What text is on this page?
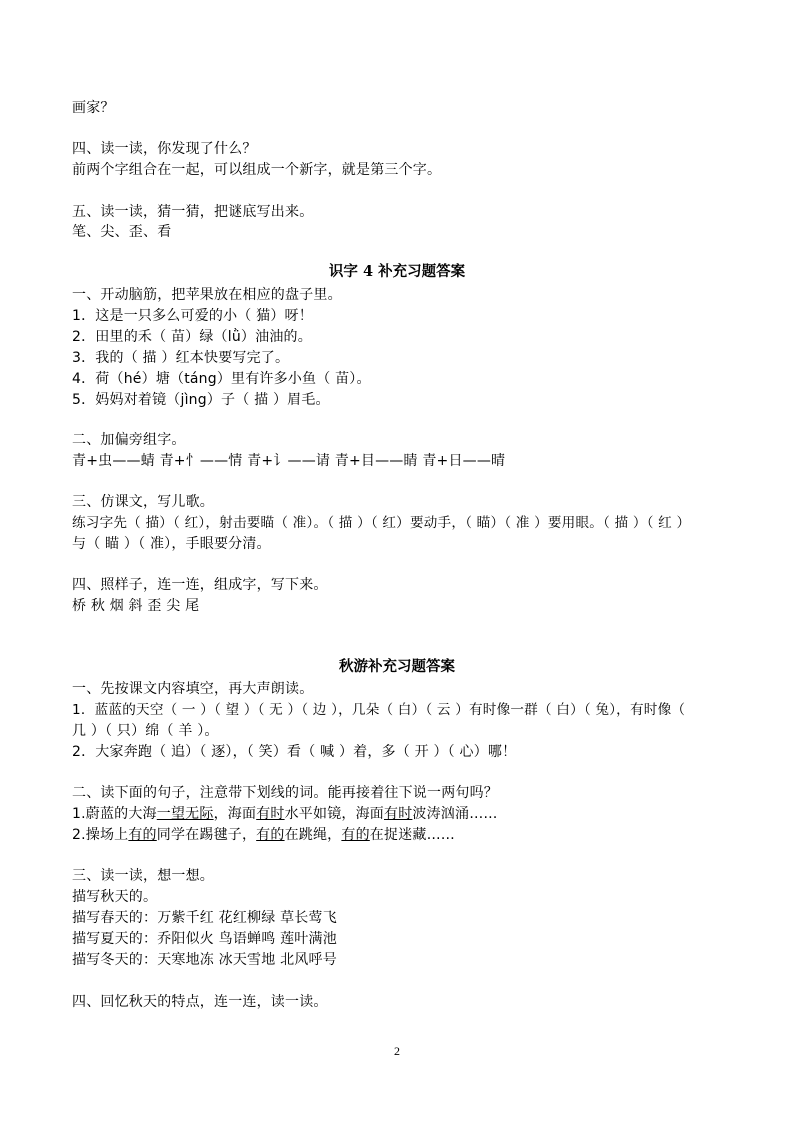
画家？
四、读一读，你发现了什么？
前两个字组合在一起，可以组成一个新字，就是第三个字。
五、读一读，猜一猜，把谜底写出来。
笔、尖、歪、看
识字 4 补充习题答案
一、开动脑筋，把苹果放在相应的盘子里。
1．这是一只多么可爱的小（ 猫）呀！
2．田里的禾（ 苗）绿（lǜ）油油的。
3．我的（ 描 ）红本快要写完了。
4．荷（hé）塘（táng）里有许多小鱼（ 苗）。
5．妈妈对着镜（jìng）子（ 描 ）眉毛。
二、加偏旁组字。
青+虫——蜻 青+忄——情 青+讠——请 青+目——睛 青+日——晴
三、仿课文，写儿歌。
练习字先（ 描）（ 红），射击要瞄（ 准）。（ 描 ）（ 红）要动手，（ 瞄）（ 准 ）要用眼。（ 描 ）（ 红 ）
与（ 瞄 ）（ 准），手眼要分清。
四、照样子，连一连，组成字，写下来。
桥 秋 烟 斜 歪 尖 尾
秋游补充习题答案
一、先按课文内容填空，再大声朗读。
1．蓝蓝的天空（ 一 ）（ 望 ）（ 无 ）（ 边 ），几朵（ 白）（ 云 ）有时像一群（ 白）（ 兔），有时像（
几 ）（ 只）绵（ 羊 ）。
2．大家奔跑（ 追）（ 逐），（ 笑）看（ 喊 ）着，多（ 开 ）（ 心）哪！
二、读下面的句子，注意带下划线的词。能再接着往下说一两句吗？
1.蔚蓝的大海一望无际，海面有时水平如镜，海面有时波涛汹涌……
2.操场上有的同学在踢毽子，有的在跳绳，有的在捉迷藏……
三、读一读，想一想。
描写秋天的。
描写春天的：万紫千红 花红柳绿 草长莺飞
描写夏天的：乔阳似火 鸟语蝉鸣 莲叶满池
描写冬天的：天寒地冻 冰天雪地 北风呼号
四、回忆秋天的特点，连一连，读一读。
2
